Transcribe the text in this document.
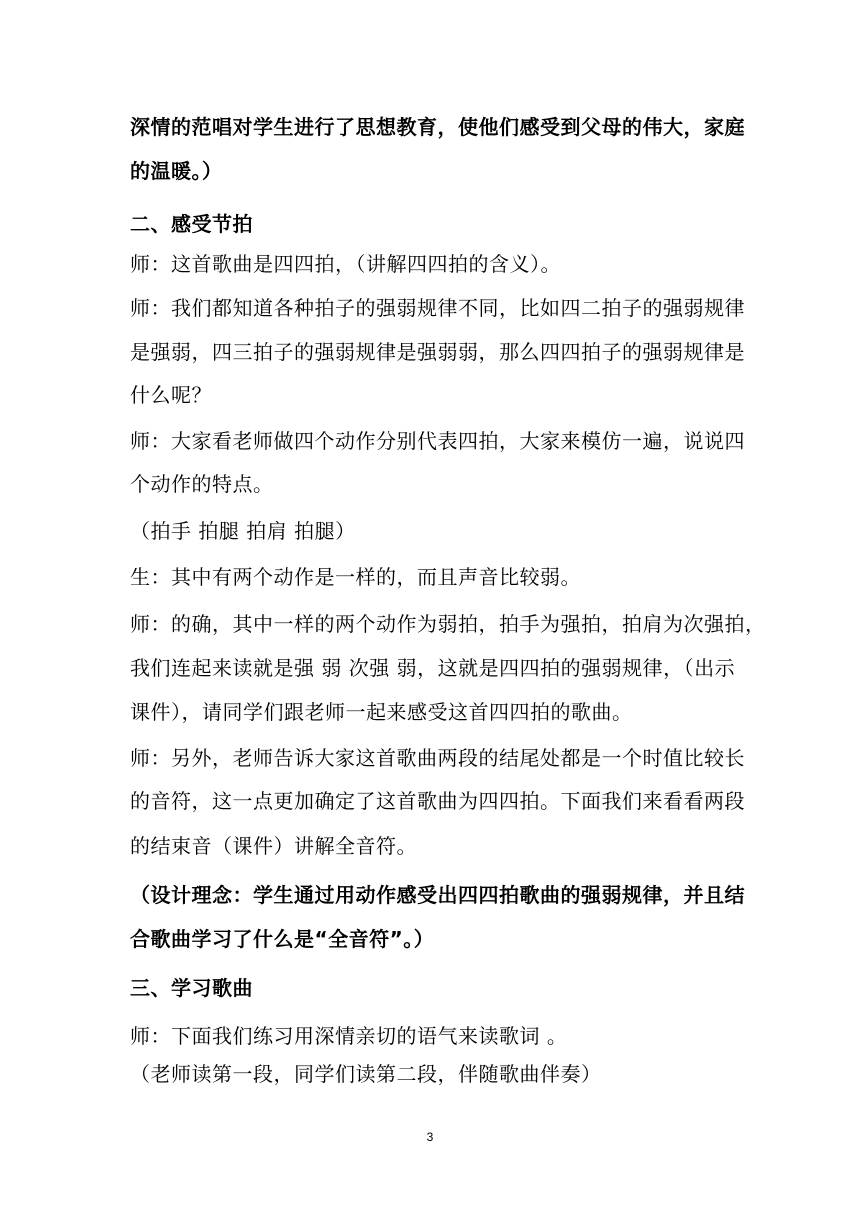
深情的范唱对学生进行了思想教育，使他们感受到父母的伟大，家庭
的温暖。）
二、感受节拍
师：这首歌曲是四四拍，（讲解四四拍的含义）。
师：我们都知道各种拍子的强弱规律不同，比如四二拍子的强弱规律
是强弱，四三拍子的强弱规律是强弱弱，那么四四拍子的强弱规律是
什么呢？
师：大家看老师做四个动作分别代表四拍，大家来模仿一遍，说说四
个动作的特点。
（拍手 拍腿 拍肩 拍腿）
生：其中有两个动作是一样的，而且声音比较弱。
师：的确，其中一样的两个动作为弱拍，拍手为强拍，拍肩为次强拍，
我们连起来读就是强 弱 次强 弱，这就是四四拍的强弱规律，（出示
课件），请同学们跟老师一起来感受这首四四拍的歌曲。
师：另外，老师告诉大家这首歌曲两段的结尾处都是一个时值比较长
的音符，这一点更加确定了这首歌曲为四四拍。下面我们来看看两段
的结束音（课件）讲解全音符。
（设计理念：学生通过用动作感受出四四拍歌曲的强弱规律，并且结
合歌曲学习了什么是“全音符”。）
三、学习歌曲
师：下面我们练习用深情亲切的语气来读歌词 。
（老师读第一段，同学们读第二段，伴随歌曲伴奏）
3
